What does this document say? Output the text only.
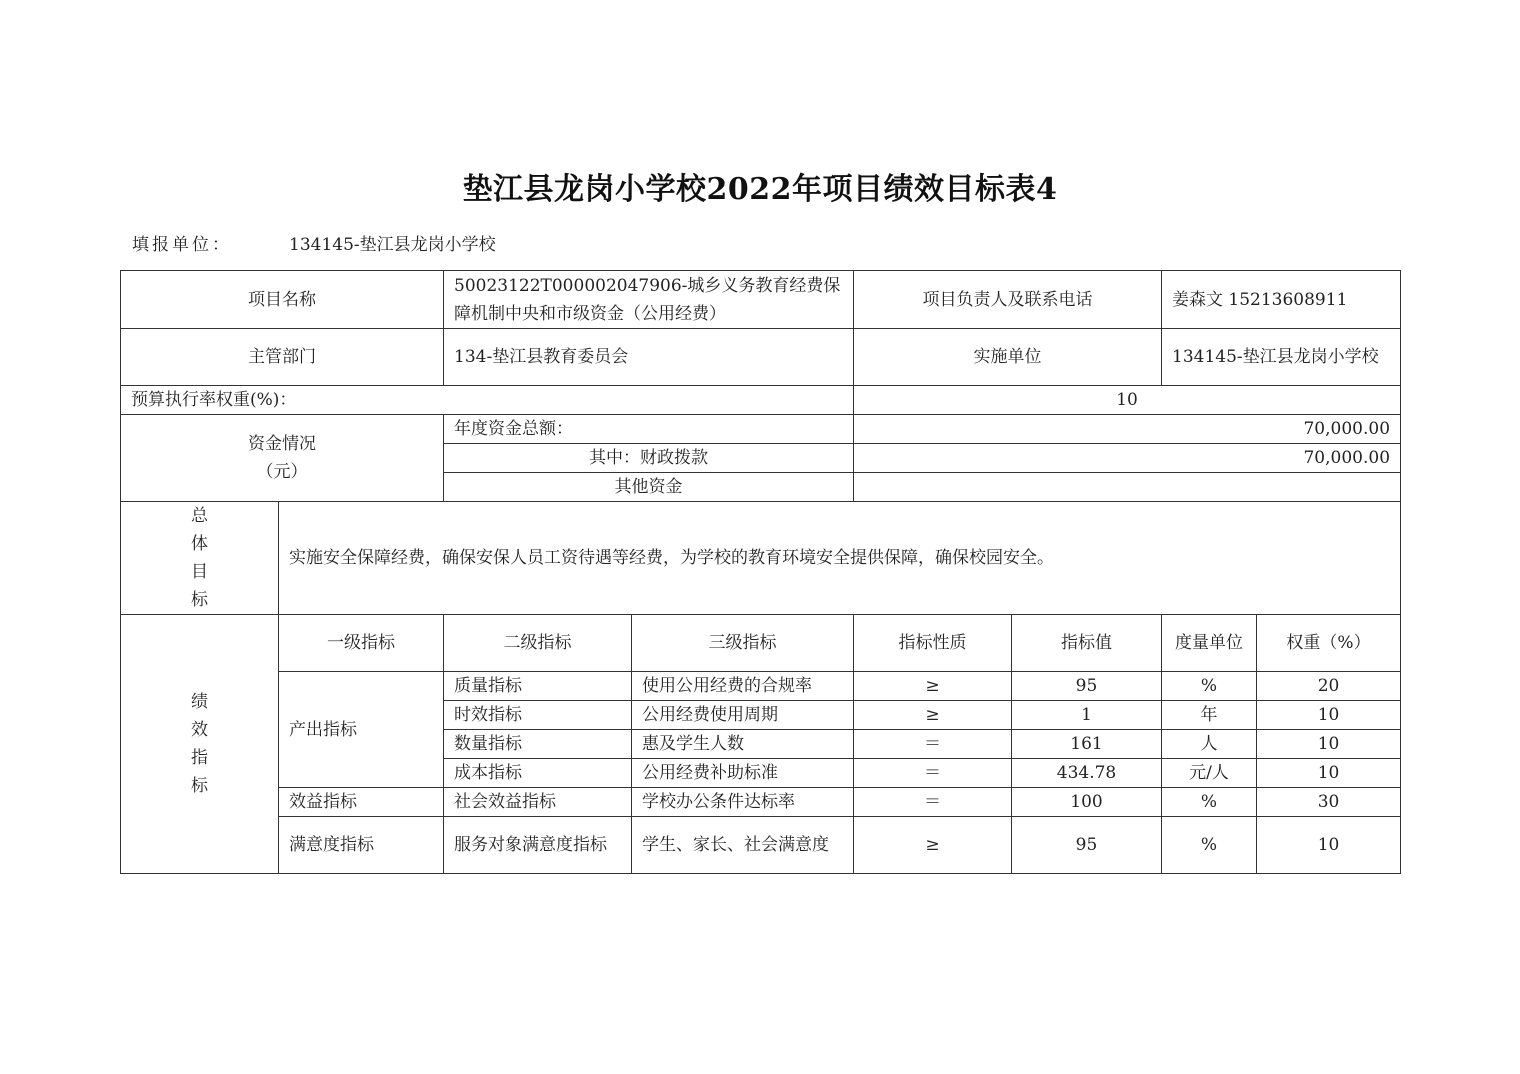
垫江县龙岗小学校2022年项目绩效目标表4
填报单位：	134145-垫江县龙岗小学校
项目名称		50023122T000002047906-城乡义务教育经费保障机制中央和市级资金（公用经费）		项目负责人及联系电话		姜森文 15213608911	
主管部门		134-垫江县教育委员会		实施单位		134145-垫江县龙岗小学校	
预算执行率权重(%)：				10			

资金情况
（元）		年度资金总额：		70,000.00			
		其中：财政拨款		70,000.00			
		其他资金					

总
体
目
标	实施安全保障经费，确保安保人员工资待遇等经费，为学校的教育环境安全提供保障，确保校园安全。						

绩
效
指
标	一级指标	二级指标	三级指标	指标性质	指标值	度量单位	权重（%）
	产出指标	质量指标	使用公用经费的合规率	≥	95	%	20
		时效指标	公用经费使用周期	≥	1	年	10
		数量指标	惠及学生人数	＝	161	人	10
		成本指标	公用经费补助标准	＝	434.78	元/人	10
	效益指标	社会效益指标	学校办公条件达标率	＝	100	%	30
	满意度指标	服务对象满意度指标	学生、家长、社会满意度	≥	95	%	10
